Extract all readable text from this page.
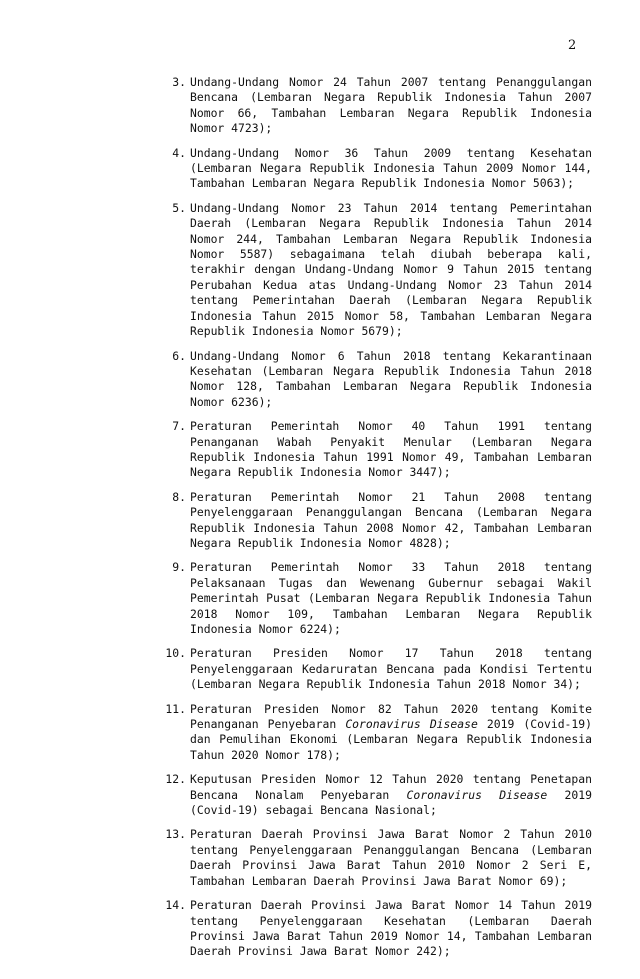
2
3. Undang-Undang Nomor 24 Tahun 2007 tentang Penanggulangan Bencana (Lembaran Negara Republik Indonesia Tahun 2007 Nomor 66, Tambahan Lembaran Negara Republik Indonesia Nomor 4723);
4. Undang-Undang Nomor 36 Tahun 2009 tentang Kesehatan (Lembaran Negara Republik Indonesia Tahun 2009 Nomor 144, Tambahan Lembaran Negara Republik Indonesia Nomor 5063);
5. Undang-Undang Nomor 23 Tahun 2014 tentang Pemerintahan Daerah (Lembaran Negara Republik Indonesia Tahun 2014 Nomor 244, Tambahan Lembaran Negara Republik Indonesia Nomor 5587) sebagaimana telah diubah beberapa kali, terakhir dengan Undang-Undang Nomor 9 Tahun 2015 tentang Perubahan Kedua atas Undang-Undang Nomor 23 Tahun 2014 tentang Pemerintahan Daerah (Lembaran Negara Republik Indonesia Tahun 2015 Nomor 58, Tambahan Lembaran Negara Republik Indonesia Nomor 5679);
6. Undang-Undang Nomor 6 Tahun 2018 tentang Kekarantinaan Kesehatan (Lembaran Negara Republik Indonesia Tahun 2018 Nomor 128, Tambahan Lembaran Negara Republik Indonesia Nomor 6236);
7. Peraturan Pemerintah Nomor 40 Tahun 1991 tentang Penanganan Wabah Penyakit Menular (Lembaran Negara Republik Indonesia Tahun 1991 Nomor 49, Tambahan Lembaran Negara Republik Indonesia Nomor 3447);
8. Peraturan Pemerintah Nomor 21 Tahun 2008 tentang Penyelenggaraan Penanggulangan Bencana (Lembaran Negara Republik Indonesia Tahun 2008 Nomor 42, Tambahan Lembaran Negara Republik Indonesia Nomor 4828);
9. Peraturan Pemerintah Nomor 33 Tahun 2018 tentang Pelaksanaan Tugas dan Wewenang Gubernur sebagai Wakil Pemerintah Pusat (Lembaran Negara Republik Indonesia Tahun 2018 Nomor 109, Tambahan Lembaran Negara Republik Indonesia Nomor 6224);
10. Peraturan Presiden Nomor 17 Tahun 2018 tentang Penyelenggaraan Kedaruratan Bencana pada Kondisi Tertentu (Lembaran Negara Republik Indonesia Tahun 2018 Nomor 34);
11. Peraturan Presiden Nomor 82 Tahun 2020 tentang Komite Penanganan Penyebaran Coronavirus Disease 2019 (Covid-19) dan Pemulihan Ekonomi (Lembaran Negara Republik Indonesia Tahun 2020 Nomor 178);
12. Keputusan Presiden Nomor 12 Tahun 2020 tentang Penetapan Bencana Nonalam Penyebaran Coronavirus Disease 2019 (Covid-19) sebagai Bencana Nasional;
13. Peraturan Daerah Provinsi Jawa Barat Nomor 2 Tahun 2010 tentang Penyelenggaraan Penanggulangan Bencana (Lembaran Daerah Provinsi Jawa Barat Tahun 2010 Nomor 2 Seri E, Tambahan Lembaran Daerah Provinsi Jawa Barat Nomor 69);
14. Peraturan Daerah Provinsi Jawa Barat Nomor 14 Tahun 2019 tentang Penyelenggaraan Kesehatan (Lembaran Daerah Provinsi Jawa Barat Tahun 2019 Nomor 14, Tambahan Lembaran Daerah Provinsi Jawa Barat Nomor 242);
